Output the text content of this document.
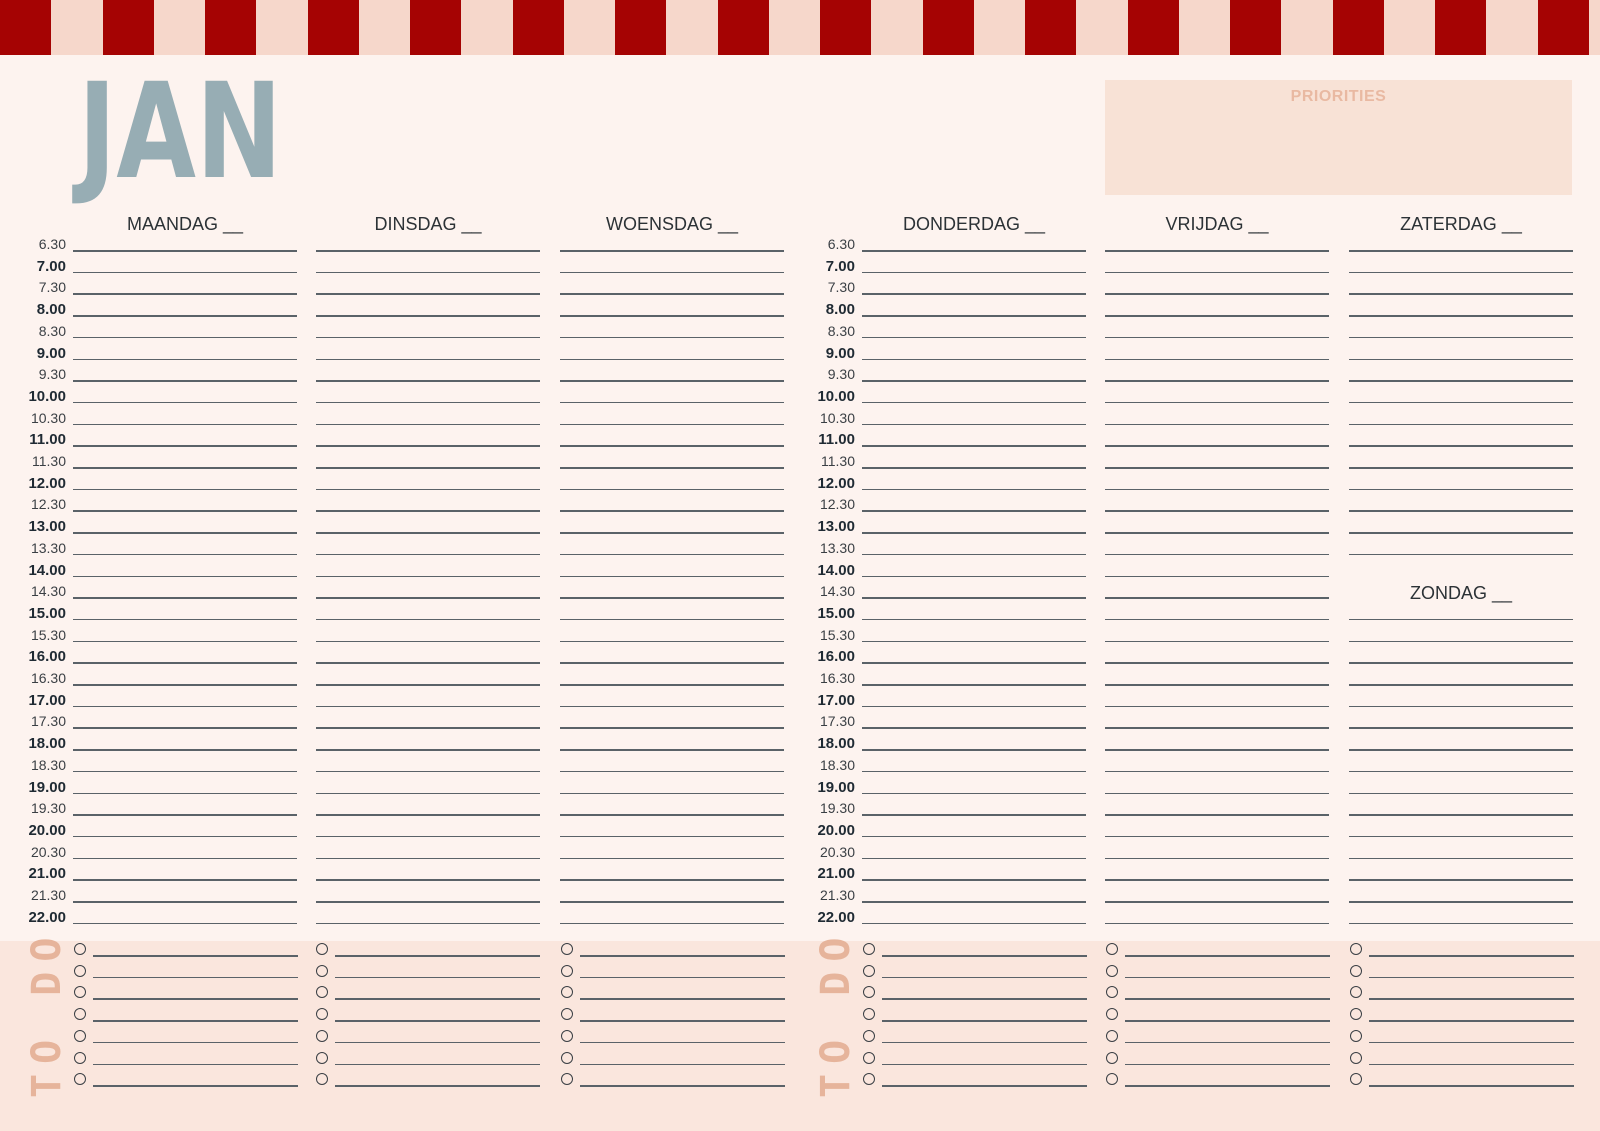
JAN	PRIORITIES
MAANDAG __	DINSDAG __	WOENSDAG __	DONDERDAG __	VRIJDAG __	ZATERDAG __
6.30
7.00
7.30
8.00
8.30
9.00
9.30
10.00
10.30
11.00
11.30
12.00
12.30
13.00
13.30
14.00
14.30
15.00
15.30
16.00
16.30
17.00
17.30
18.00
18.30
19.00
19.30
20.00
20.30
21.00
21.30
22.00
6.30
7.00
7.30
8.00
8.30
9.00
9.30
10.00
10.30
11.00
11.30
12.00
12.30
13.00
13.30
14.00
14.30
15.00
15.30
16.00
16.30
17.00
17.30
18.00
18.30
19.00
19.30
20.00
20.30
21.00
21.30
22.00
ZONDAG __
TO DO	TO DO
